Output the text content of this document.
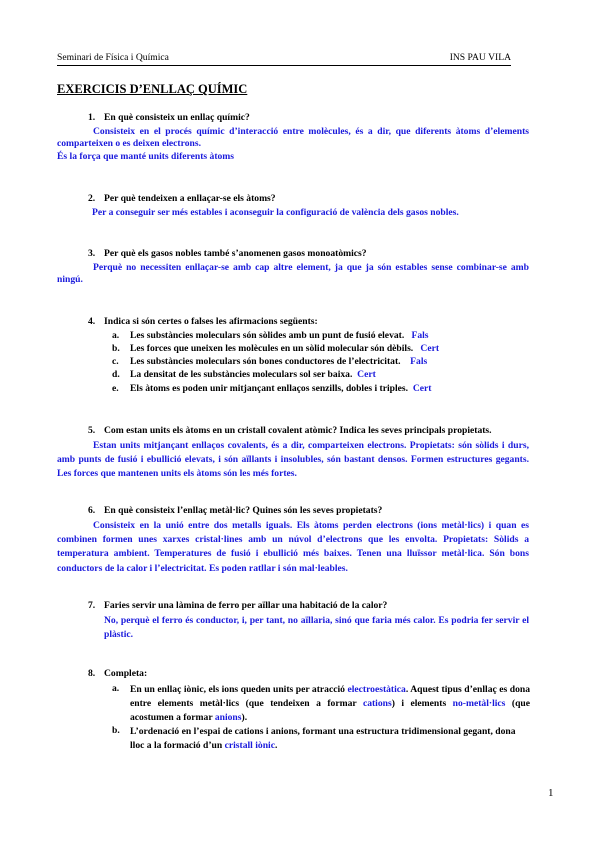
Seminari de Física i Química	INS PAU VILA
EXERCICIS D’ENLLAÇ QUÍMIC
1. En què consisteix un enllaç químic?
Consisteix en el procés químic d’interacció entre molècules, és a dir, que diferents àtoms d’elements comparteixen o es deixen electrons.
És la força que manté units diferents àtoms
2. Per què tendeixen a enllaçar-se els àtoms?
Per a conseguir ser més estables i aconseguir la configuració de valència dels gasos nobles.
3. Per què els gasos nobles també s’anomenen gasos monoatòmics?
Perquè no necessiten enllaçar-se amb cap altre element, ja que ja són estables sense combinar-se amb ningú.
4. Indica si són certes o falses les afirmacions següents:
a. Les substàncies moleculars són sòlides amb un punt de fusió elevat. Fals
b. Les forces que uneixen les molècules en un sòlid molecular són dèbils. Cert
c. Les substàncies moleculars són bones conductores de l’electricitat. Fals
d. La densitat de les substàncies moleculars sol ser baixa. Cert
e. Els àtoms es poden unir mitjançant enllaços senzills, dobles i triples. Cert
5. Com estan units els àtoms en un cristall covalent atòmic? Indica les seves principals propietats.
Estan units mitjançant enllaços covalents, és a dir, comparteixen electrons. Propietats: són sòlids i durs, amb punts de fusió i ebullició elevats, i són aïllants i insolubles, són bastant densos. Formen estructures gegants. Les forces que mantenen units els àtoms són les més fortes.
6. En què consisteix l’enllaç metàl·lic? Quines són les seves propietats?
Consisteix en la unió entre dos metalls iguals. Els àtoms perden electrons (ions metàl·lics) i quan es combinen formen unes xarxes cristal·lines amb un núvol d’electrons que les envolta. Propietats: Sòlids a temperatura ambient. Temperatures de fusió i ebullició més baixes. Tenen una lluïssor metàl·lica. Són bons conductors de la calor i l’electricitat. Es poden ratllar i són mal·leables.
7. Faries servir una làmina de ferro per aïllar una habitació de la calor?
No, perquè el ferro és conductor, i, per tant, no aïllaria, sinó que faria més calor. Es podria fer servir el plàstic.
8. Completa:
a.	En un enllaç iònic, els ions queden units per atracció electroestàtica. Aquest tipus d’enllaç es dona entre elements metàl·lics (que tendeixen a formar cations) i elements no-metàl·lics (que acostumen a formar anions).
b.	L’ordenació en l’espai de cations i anions, formant una estructura tridimensional gegant, dona lloc a la formació d’un cristall iònic.
1
